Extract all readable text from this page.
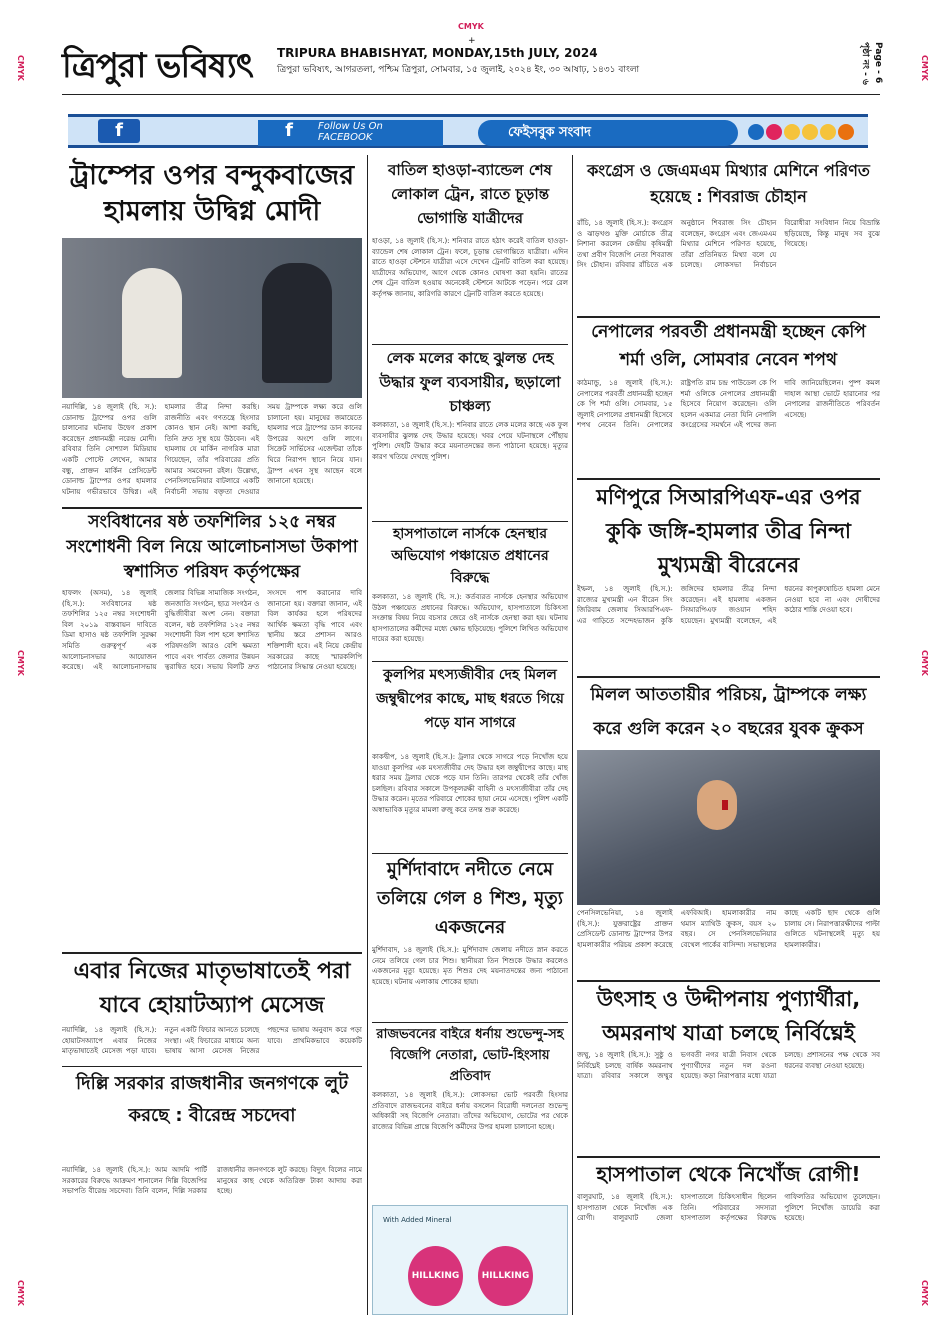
CMYK
+
CMYK	CMYK
CMYK	CMYK
CMYK	CMYK
ত্রিপুরা ভবিষ্যৎ TRIPURA BHABISHYAT, MONDAY,15th JULY, 2024
ত্রিপুরা ভবিষ্যৎ, আগরতলা, পশ্চিম ত্রিপুরা, সোমবার, ১৫ জুলাই, ২০২৪ ইং, ৩০ আষাঢ়, ১৪৩১ বাংলা	Page - 6 পৃষ্ঠা নং - ৬
f	f	Follow Us On
FACEBOOK	ফেইসবুক সংবাদ
ট্রাম্পের ওপর বন্দুকবাজের হামলায় উদ্বিগ্ন মোদী
নয়াদিল্লি, ১৪ জুলাই (হি. স.): ডোনাল্ড ট্রাম্পের ওপর গুলি চালানোর ঘটনায় উদ্বেগ প্রকাশ করেছেন প্রধানমন্ত্রী নরেন্দ্র মোদী। রবিবার তিনি সোশ্যাল মিডিয়ায় একটি পোস্টে লেখেন, আমার বন্ধু, প্রাক্তন মার্কিন প্রেসিডেন্ট ডোনাল্ড ট্রাম্পের ওপর হামলার ঘটনায় গভীরভাবে উদ্বিগ্ন। এই হামলার তীব্র নিন্দা করছি। রাজনীতি এবং গণতন্ত্রে হিংসার কোনও স্থান নেই। আশা করছি, তিনি দ্রুত সুস্থ হয়ে উঠবেন। এই হামলায় যে মার্কিন নাগরিক মারা গিয়েছেন, তাঁর পরিবারের প্রতি আমার সমবেদনা রইল। উল্লেখ্য, পেনসিলভেনিয়ার বাটলারে একটি নির্বাচনী সভায় বক্তৃতা দেওয়ার সময় ট্রাম্পকে লক্ষ্য করে গুলি চালানো হয়। মানুষের জমায়েতে হামলার পরে ট্রাম্পের ডান কানের উপরের অংশে গুলি লাগে। সিক্রেট সার্ভিসের এজেন্টরা তাঁকে ঘিরে নিরাপদ স্থানে নিয়ে যান। ট্রাম্প এখন সুস্থ আছেন বলে জানানো হয়েছে।
সংবিধানের ষষ্ঠ তফশিলির ১২৫ নম্বর সংশোধনী বিল নিয়ে আলোচনাসভা উকাপা স্বশাসিত পরিষদ কর্তৃপক্ষের
হাফলং (অসম), ১৪ জুলাই (হি.স.): সংবিধানের ষষ্ঠ তফশিলির ১২৫ নম্বর সংশোধনী বিল ২০১৯ বাস্তবায়ন দাবিতে ডিমা হাসাও ষষ্ঠ তফশিলি সুরক্ষা সমিতি গুরুত্বপূর্ণ এক আলোচনাসভার আয়োজন করেছে। এই আলোচনাসভায় জেলার বিভিন্ন সামাজিক সংগঠন, জনজাতি সংগঠন, ছাত্র সংগঠন ও বুদ্ধিজীবীরা অংশ নেন। বক্তারা বলেন, ষষ্ঠ তফশিলির ১২৫ নম্বর সংশোধনী বিল পাশ হলে স্বশাসিত পরিষদগুলি আরও বেশি ক্ষমতা পাবে এবং পার্বত্য জেলার উন্নয়ন ত্বরান্বিত হবে। সভায় বিলটি দ্রুত সংসদে পাশ করানোর দাবি জানানো হয়। বক্তারা জানান, এই বিল কার্যকর হলে পরিষদের আর্থিক ক্ষমতা বৃদ্ধি পাবে এবং স্থানীয় স্তরে প্রশাসন আরও শক্তিশালী হবে। এই নিয়ে কেন্দ্রীয় সরকারের কাছে স্মারকলিপি পাঠানোর সিদ্ধান্ত নেওয়া হয়েছে।
এবার নিজের মাতৃভাষাতেই পরা যাবে হোয়াটঅ্যাপ মেসেজ
নয়াদিল্লি, ১৪ জুলাই (হি.স.): হোয়াটসঅ্যাপে এবার নিজের মাতৃভাষাতেই মেসেজ পড়া যাবে। নতুন একটি ফিচার আনতে চলেছে সংস্থা। এই ফিচারের মাধ্যমে অন্য ভাষায় আসা মেসেজ নিজের পছন্দের ভাষায় অনুবাদ করে পড়া যাবে। প্রাথমিকভাবে কয়েকটি
দিল্লি সরকার রাজধানীর জনগণকে লুট করছে : বীরেন্দ্র সচদেবা
নয়াদিল্লি, ১৪ জুলাই (হি.স.): আম আদমি পার্টি সরকারের বিরুদ্ধে আক্রমণ শানালেন দিল্লি বিজেপির সভাপতি বীরেন্দ্র সচদেবা। তিনি বলেন, দিল্লি সরকার রাজধানীর জনগণকে লুট করছে। বিদ্যুৎ বিলের নামে মানুষের কাছ থেকে অতিরিক্ত টাকা আদায় করা হচ্ছে।
বাতিল হাওড়া-ব্যান্ডেল শেষ লোকাল ট্রেন, রাতে চূড়ান্ত ভোগান্তি যাত্রীদের
হাওড়া, ১৪ জুলাই (হি.স.): শনিবার রাতে হঠাৎ করেই বাতিল হাওড়া-ব্যান্ডেল শেষ লোকাল ট্রেন। ফলে, চূড়ান্ত ভোগান্তিতে যাত্রীরা। এদিন রাতে হাওড়া স্টেশনে যাত্রীরা এসে দেখেন ট্রেনটি বাতিল করা হয়েছে। যাত্রীদের অভিযোগ, আগে থেকে কোনও ঘোষণা করা হয়নি। রাতের শেষ ট্রেন বাতিল হওয়ায় অনেকেই স্টেশনে আটকে পড়েন। পরে রেল কর্তৃপক্ষ জানায়, কারিগরি কারণে ট্রেনটি বাতিল করতে হয়েছে।
লেক মলের কাছে ঝুলন্ত দেহ উদ্ধার ফুল ব্যবসায়ীর, ছড়ালো চাঞ্চল্য
কলকাতা, ১৪ জুলাই (হি.স.): শনিবার রাতে লেক মলের কাছে এক ফুল ব্যবসায়ীর ঝুলন্ত দেহ উদ্ধার হয়েছে। খবর পেয়ে ঘটনাস্থলে পৌঁছায় পুলিশ। দেহটি উদ্ধার করে ময়নাতদন্তের জন্য পাঠানো হয়েছে। মৃত্যুর কারণ খতিয়ে দেখছে পুলিশ।
হাসপাতালে নার্সকে হেনস্থার অভিযোগ পঞ্চায়েত প্রধানের বিরুদ্ধে
কলকাতা, ১৪ জুলাই (হি. স.): কর্তব্যরত নার্সকে হেনস্থার অভিযোগ উঠল পঞ্চায়েত প্রধানের বিরুদ্ধে। অভিযোগ, হাসপাতালে চিকিৎসা সংক্রান্ত বিষয় নিয়ে বচসার জেরে ওই নার্সকে হেনস্থা করা হয়। ঘটনায় হাসপাতালের কর্মীদের মধ্যে ক্ষোভ ছড়িয়েছে। পুলিশে লিখিত অভিযোগ দায়ের করা হয়েছে।
কুলপির মৎস্যজীবীর দেহ মিলল জম্বুদ্বীপের কাছে, মাছ ধরতে গিয়ে পড়ে যান সাগরে
কাকদ্বীপ, ১৪ জুলাই (হি.স.): ট্রলার থেকে সাগরে পড়ে নিখোঁজ হয়ে যাওয়া কুলপির এক মৎস্যজীবীর দেহ উদ্ধার হল জম্বুদ্বীপের কাছে। মাছ ধরার সময় ট্রলার থেকে পড়ে যান তিনি। তারপর থেকেই তাঁর খোঁজ চলছিল। রবিবার সকালে উপকূলরক্ষী বাহিনী ও মৎস্যজীবীরা তাঁর দেহ উদ্ধার করেন। মৃতের পরিবারে শোকের ছায়া নেমে এসেছে। পুলিশ একটি অস্বাভাবিক মৃত্যুর মামলা রুজু করে তদন্ত শুরু করেছে।
মুর্শিদাবাদে নদীতে নেমে তলিয়ে গেল ৪ শিশু, মৃত্যু একজনের
মুর্শিদাবাদ, ১৪ জুলাই (হি.স.): মুর্শিদাবাদ জেলায় নদীতে স্নান করতে নেমে তলিয়ে গেল চার শিশু। স্থানীয়রা তিন শিশুকে উদ্ধার করলেও একজনের মৃত্যু হয়েছে। মৃত শিশুর দেহ ময়নাতদন্তের জন্য পাঠানো হয়েছে। ঘটনায় এলাকায় শোকের ছায়া।
রাজভবনের বাইরে ধর্নায় শুভেন্দু-সহ বিজেপি নেতারা, ভোট-হিংসায় প্রতিবাদ
কলকাতা, ১৪ জুলাই (হি.স.): লোকসভা ভোট পরবর্তী হিংসার প্রতিবাদে রাজভবনের বাইরে ধর্নায় বসলেন বিরোধী দলনেতা শুভেন্দু অধিকারী সহ বিজেপি নেতারা। তাঁদের অভিযোগ, ভোটের পর থেকে রাজ্যের বিভিন্ন প্রান্তে বিজেপি কর্মীদের উপর হামলা চালানো হচ্ছে।
HILLKING	HILLKING
With Added Mineral
কংগ্রেস ও জেএমএম মিথ্যার মেশিনে পরিণত হয়েছে : শিবরাজ চৌহান
রাঁচি, ১৪ জুলাই (হি.স.): কংগ্রেস ও ঝাড়খণ্ড মুক্তি মোর্চাকে তীব্র নিশানা করলেন কেন্দ্রীয় কৃষিমন্ত্রী তথা প্রবীণ বিজেপি নেতা শিবরাজ সিং চৌহান। রবিবার রাঁচিতে এক অনুষ্ঠানে শিবরাজ সিং চৌহান বলেছেন, কংগ্রেস এবং জেএমএম মিথ্যার মেশিনে পরিণত হয়েছে, তাঁরা প্রতিনিয়ত মিথ্যা বলে যে চলেছে। লোকসভা নির্বাচনে বিরোধীরা সংবিধান নিয়ে বিভ্রান্তি ছড়িয়েছে, কিন্তু মানুষ সব বুঝে গিয়েছে।
নেপালের পরবর্তী প্রধানমন্ত্রী হচ্ছেন কেপি শর্মা ওলি, সোমবার নেবেন শপথ
কাঠমান্ডু, ১৪ জুলাই (হি.স.): নেপালের পরবর্তী প্রধানমন্ত্রী হচ্ছেন কে পি শর্মা ওলি। সোমবার, ১৫ জুলাই নেপালের প্রধানমন্ত্রী হিসেবে শপথ নেবেন তিনি। নেপালের রাষ্ট্রপতি রাম চন্দ্র পাউডেল কে পি শর্মা ওলিকে নেপালের প্রধানমন্ত্রী হিসেবে নিয়োগ করেছেন। ওলি হলেন একমাত্র নেতা যিনি নেপালি কংগ্রেসের সমর্থনে এই পদের জন্য দাবি জানিয়েছিলেন। পুষ্প কমল দাহাল আস্থা ভোটে হারানোর পর নেপালের রাজনীতিতে পরিবর্তন এসেছে।
মণিপুরে সিআরপিএফ-এর ওপর কুকি জঙ্গি-হামলার তীব্র নিন্দা মুখ্যমন্ত্রী বীরেনের
ইম্ফল, ১৪ জুলাই (হি.স.): রাজ্যের মুখ্যমন্ত্রী এন বীরেন সিং জিরিবাম জেলায় সিআরপিএফ-এর গাড়িতে সন্দেহভাজন কুকি জঙ্গিদের হামলার তীব্র নিন্দা করেছেন। এই হামলায় একজন সিআরপিএফ জওয়ান শহিদ হয়েছেন। মুখ্যমন্ত্রী বলেছেন, এই ধরনের কাপুরুষোচিত হামলা মেনে নেওয়া হবে না এবং দোষীদের কঠোর শাস্তি দেওয়া হবে।
মিলল আততায়ীর পরিচয়, ট্রাম্পকে লক্ষ্য করে গুলি করেন ২০ বছরের যুবক ক্রুকস
পেনসিলভেনিয়া, ১৪ জুলাই (হি.স.): যুক্তরাষ্ট্রের প্রাক্তন প্রেসিডেন্ট ডোনাল্ড ট্রাম্পের উপর হামলাকারীর পরিচয় প্রকাশ করেছে এফবিআই। হামলাকারীর নাম থমাস ম্যাথিউ ক্রুকস, বয়স ২০ বছর। সে পেনসিলভেনিয়ার বেথেল পার্কের বাসিন্দা। সভাস্থলের কাছে একটি ছাদ থেকে গুলি চালায় সে। নিরাপত্তারক্ষীদের পাল্টা গুলিতে ঘটনাস্থলেই মৃত্যু হয় হামলাকারীর।
উৎসাহ ও উদ্দীপনায় পুণ্যার্থীরা, অমরনাথ যাত্রা চলছে নির্বিঘ্নেই
জম্মু, ১৪ জুলাই (হি.স.): সুষ্ঠু ও নির্বিঘ্নেই চলছে বার্ষিক অমরনাথ যাত্রা। রবিবার সকালে জম্মুর ভগবতী নগর যাত্রী নিবাস থেকে পুণ্যার্থীদের নতুন দল রওনা হয়েছে। কড়া নিরাপত্তার মধ্যে যাত্রা চলছে। প্রশাসনের পক্ষ থেকে সব ধরনের ব্যবস্থা নেওয়া হয়েছে।
হাসপাতাল থেকে নিখোঁজ রোগী!
বালুরঘাট, ১৪ জুলাই (হি.স.): হাসপাতাল থেকে নিখোঁজ এক রোগী। বালুরঘাট জেলা হাসপাতালে চিকিৎসাধীন ছিলেন তিনি। পরিবারের সদস্যরা হাসপাতাল কর্তৃপক্ষের বিরুদ্ধে গাফিলতির অভিযোগ তুলেছেন। পুলিশে নিখোঁজ ডায়েরি করা হয়েছে।
